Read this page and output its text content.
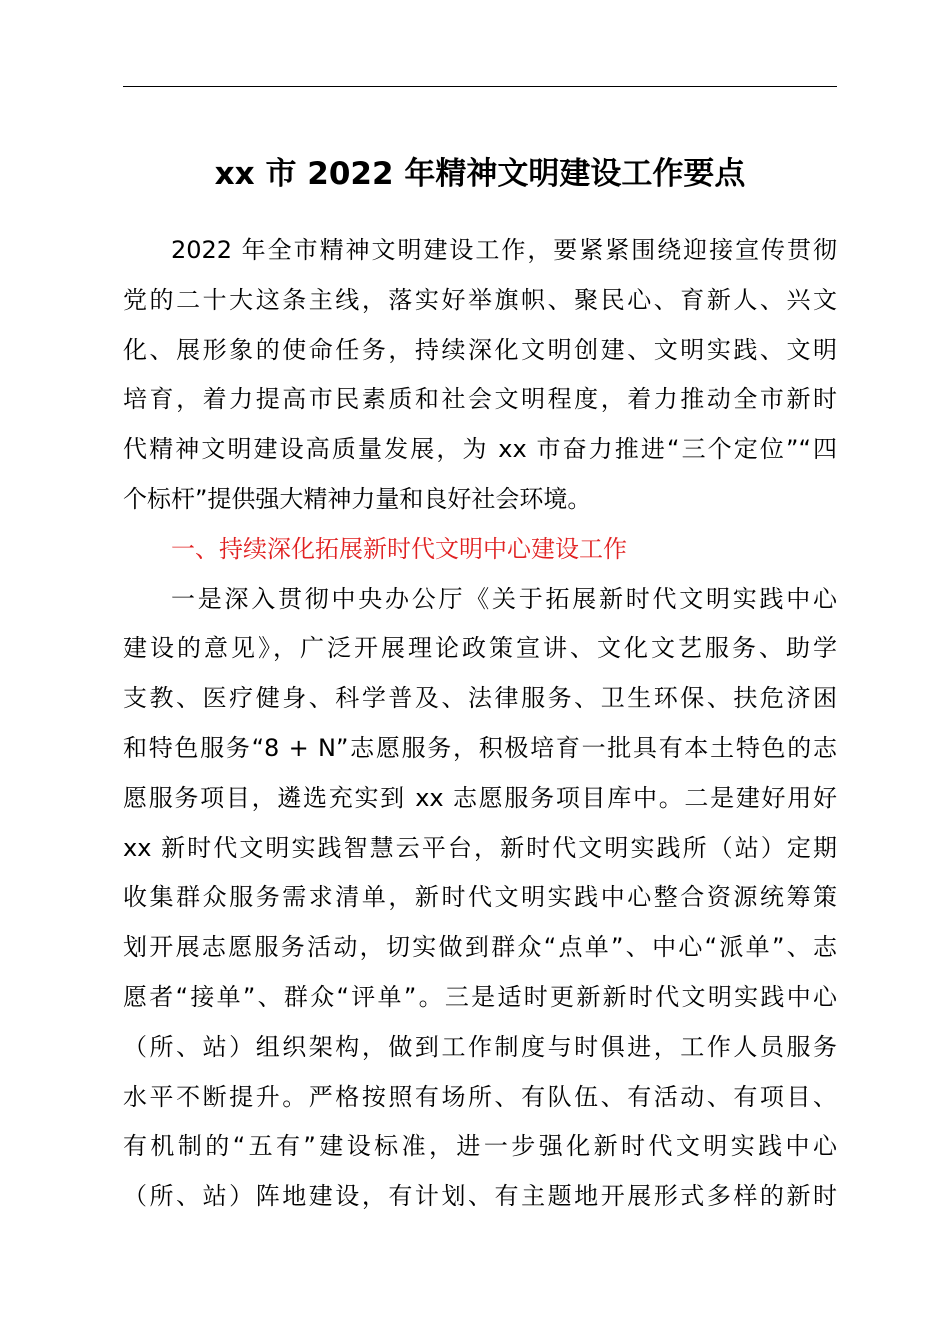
xx 市 2022 年精神文明建设工作要点
2022 年全市精神文明建设工作，要紧紧围绕迎接宣传贯彻
党的二十大这条主线，落实好举旗帜、聚民心、育新人、兴文
化、展形象的使命任务，持续深化文明创建、文明实践、文明
培育，着力提高市民素质和社会文明程度，着力推动全市新时
代精神文明建设高质量发展，为 xx 市奋力推进“三个定位”“四
个标杆”提供强大精神力量和良好社会环境。
一、持续深化拓展新时代文明中心建设工作
一是深入贯彻中央办公厅《关于拓展新时代文明实践中心
建设的意见》，广泛开展理论政策宣讲、文化文艺服务、助学
支教、医疗健身、科学普及、法律服务、卫生环保、扶危济困
和特色服务“8 + N”志愿服务，积极培育一批具有本土特色的志
愿服务项目，遴选充实到 xx 志愿服务项目库中。二是建好用好
xx 新时代文明实践智慧云平台，新时代文明实践所（站）定期
收集群众服务需求清单，新时代文明实践中心整合资源统筹策
划开展志愿服务活动，切实做到群众“点单”、中心“派单”、志
愿者“接单”、群众“评单”。三是适时更新新时代文明实践中心
（所、站）组织架构，做到工作制度与时俱进，工作人员服务
水平不断提升。严格按照有场所、有队伍、有活动、有项目、
有机制的“五有”建设标准，进一步强化新时代文明实践中心
（所、站）阵地建设，有计划、有主题地开展形式多样的新时
